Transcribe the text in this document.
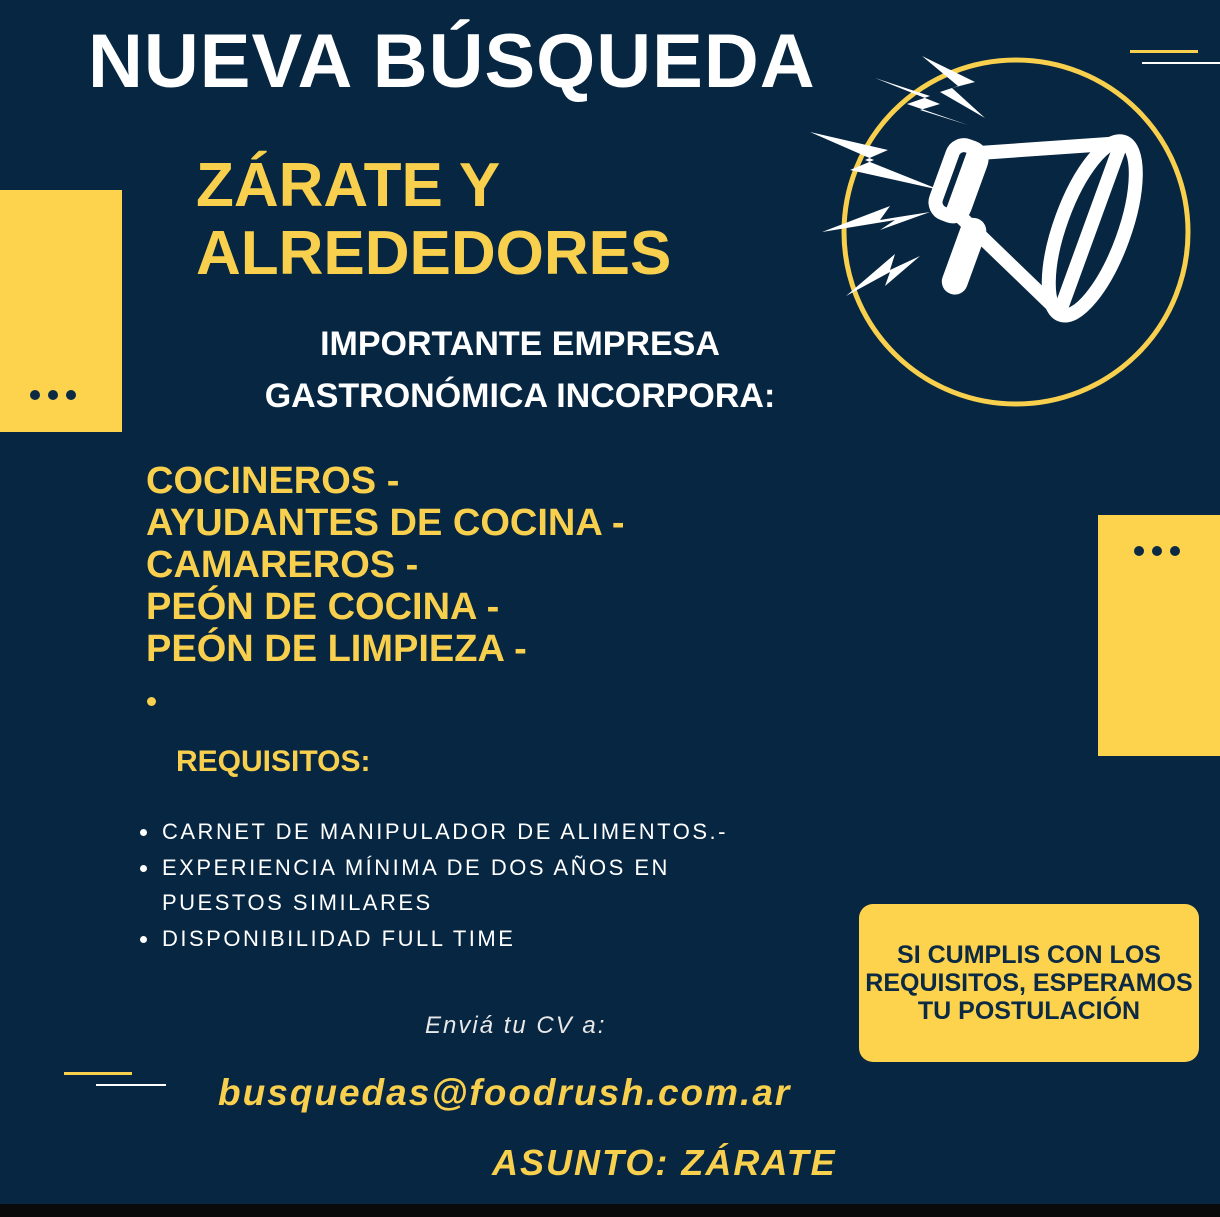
NUEVA BÚSQUEDA
ZÁRATE Y
ALREDEDORES
IMPORTANTE EMPRESA
GASTRONÓMICA INCORPORA:
COCINEROS -
AYUDANTES DE COCINA -
CAMAREROS -
PEÓN DE COCINA -
PEÓN DE LIMPIEZA -
REQUISITOS:
CARNET DE MANIPULADOR DE ALIMENTOS.-
EXPERIENCIA MÍNIMA DE DOS AÑOS EN PUESTOS SIMILARES
DISPONIBILIDAD FULL TIME
Enviá tu CV a:
busquedas@foodrush.com.ar
ASUNTO: ZÁRATE
SI CUMPLIS CON LOS REQUISITOS, ESPERAMOS TU POSTULACIÓN
